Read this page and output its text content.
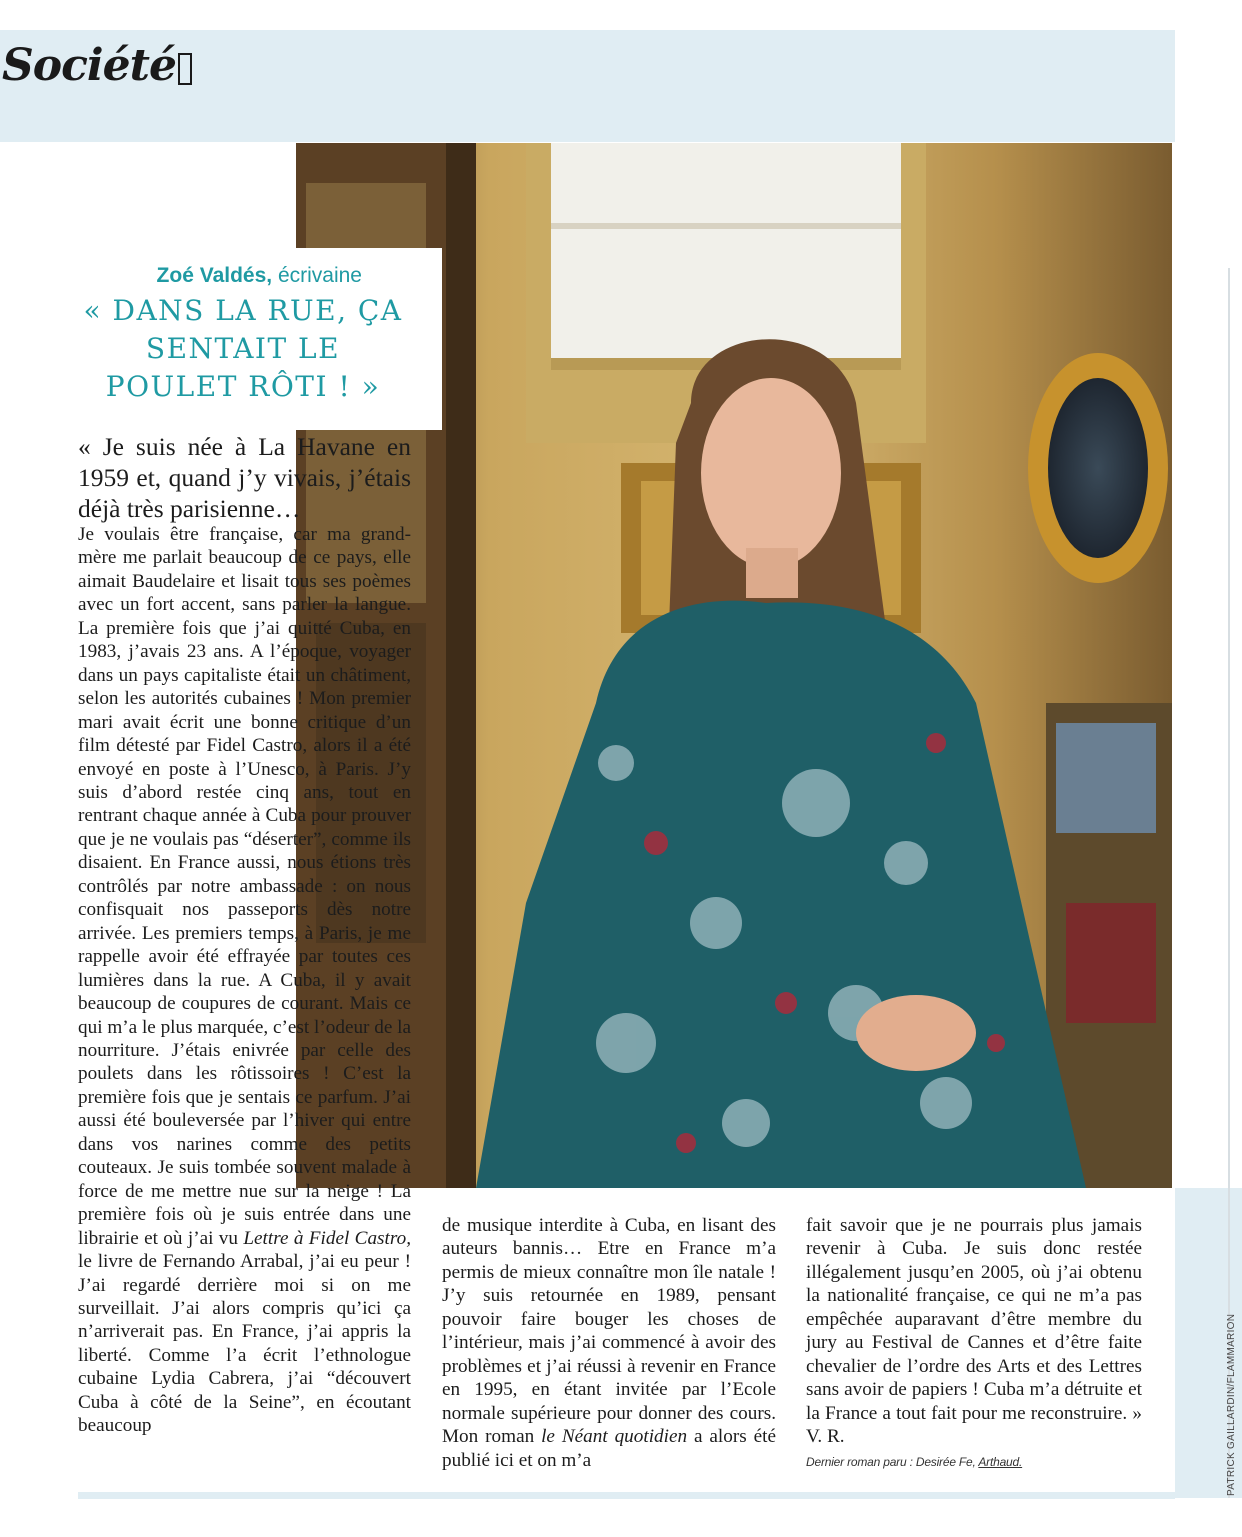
Société
Zoé Valdés, écrivaine
« DANS LA RUE, ÇA SENTAIT LE POULET RÔTI ! »
« Je suis née à La Havane en 1959 et, quand j’y vivais, j’étais déjà très parisienne…

Je voulais être française, car ma grand-mère me parlait beaucoup de ce pays, elle aimait Baudelaire et lisait tous ses poèmes avec un fort accent, sans parler la langue. La première fois que j’ai quitté Cuba, en 1983, j’avais 23 ans. A l’époque, voyager dans un pays capitaliste était un châtiment, selon les autorités cubaines ! Mon premier mari avait écrit une bonne critique d’un film détesté par Fidel Castro, alors il a été envoyé en poste à l’Unesco, à Paris. J’y suis d’abord restée cinq ans, tout en rentrant chaque année à Cuba pour prouver que je ne voulais pas “déserter”, comme ils disaient. En France aussi, nous étions très contrôlés par notre ambassade : on nous confisquait nos passeports dès notre arrivée. Les premiers temps, à Paris, je me rappelle avoir été effrayée par toutes ces lumières dans la rue. A Cuba, il y avait beaucoup de coupures de courant. Mais ce qui m’a le plus marquée, c’est l’odeur de la nourriture. J’étais enivrée par celle des poulets dans les rôtissoires ! C’est la première fois que je sentais ce parfum. J’ai aussi été bouleversée par l’hiver qui entre dans vos narines comme des petits couteaux. Je suis tombée souvent malade à force de me mettre nue sur la neige ! La première fois où je suis entrée dans une librairie et où j’ai vu Lettre à Fidel Castro, le livre de Fernando Arrabal, j’ai eu peur ! J’ai regardé derrière moi si on me surveillait. J’ai alors compris qu’ici ça n’arriverait pas. En France, j’ai appris la liberté. Comme l’a écrit l’ethnologue cubaine Lydia Cabrera, j’ai “découvert Cuba à côté de la Seine”, en écoutant beaucoup

de musique interdite à Cuba, en lisant des auteurs bannis… Etre en France m’a permis de mieux connaître mon île natale ! J’y suis retournée en 1989, pensant pouvoir faire bouger les choses de l’intérieur, mais j’ai commencé à avoir des problèmes et j’ai réussi à revenir en France en 1995, en étant invitée par l’Ecole normale supérieure pour donner des cours. Mon roman le Néant quotidien a alors été publié ici et on m’a

fait savoir que je ne pourrais plus jamais revenir à Cuba. Je suis donc restée illégalement jusqu’en 2005, où j’ai obtenu la nationalité française, ce qui ne m’a pas empêchée auparavant d’être membre du jury au Festival de Cannes et d’être faite chevalier de l’ordre des Arts et des Lettres sans avoir de papiers ! Cuba m’a détruite et la France a tout fait pour me reconstruire. » V. R.

Dernier roman paru : Desirée Fe, Arthaud.	PATRICK GAILLARDIN/FLAMMARION
